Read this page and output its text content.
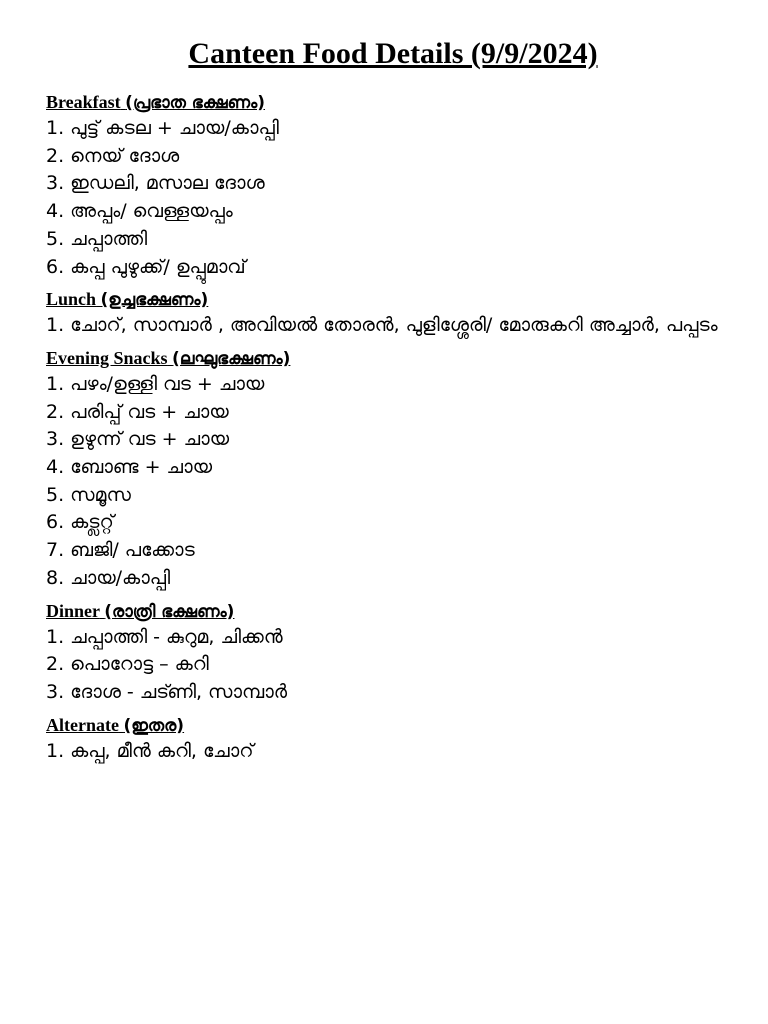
Canteen Food Details (9/9/2024)
Breakfast (പ്രഭാത ഭക്ഷണം)
1. പുട്ട് കടല + ചായ/കാപ്പി
2. നെയ് ദോശ
3. ഇഡലി, മസാല ദോശ
4. അപ്പം/ വെള്ളയപ്പം
5. ചപ്പാത്തി
6. കപ്പ പുഴുക്ക്/ ഉപ്പുമാവ്
Lunch (ഉച്ചഭക്ഷണം)
1. ചോറ്, സാമ്പാർ , അവിയൽ തോരൻ, പുളിശ്ശേരി/ മോരുകറി അച്ചാർ, പപ്പടം
Evening Snacks (ലഘുഭക്ഷണം)
1. പഴം/ഉള്ളി വട + ചായ
2. പരിപ്പ് വട + ചായ
3. ഉഴുന്ന് വട + ചായ
4. ബോണ്ട + ചായ
5. സമൂസ
6. കട്ലറ്റ്
7. ബജി/ പക്കോട
8. ചായ/കാപ്പി
Dinner (രാത്രി ഭക്ഷണം)
1. ചപ്പാത്തി - കുറുമ, ചിക്കൻ
2. പൊറോട്ട – കറി
3. ദോശ - ചട്ണി, സാമ്പാർ
Alternate (ഇതര)
1. കപ്പ, മീൻ കറി, ചോറ്
